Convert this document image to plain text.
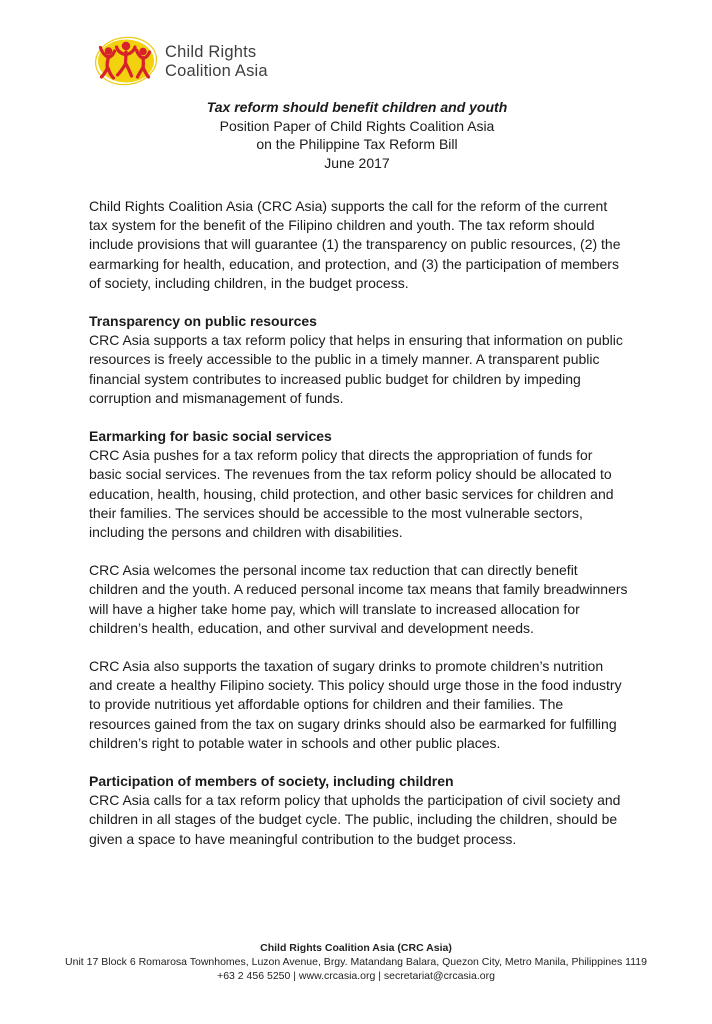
Child Rights
Coalition Asia
Tax reform should benefit children and youth
Position Paper of Child Rights Coalition Asia
on the Philippine Tax Reform Bill
June 2017

Child Rights Coalition Asia (CRC Asia) supports the call for the reform of the current tax system for the benefit of the Filipino children and youth. The tax reform should include provisions that will guarantee (1) the transparency on public resources, (2) the earmarking for health, education, and protection, and (3) the participation of members of society, including children, in the budget process.

Transparency on public resources

CRC Asia supports a tax reform policy that helps in ensuring that information on public resources is freely accessible to the public in a timely manner. A transparent public financial system contributes to increased public budget for children by impeding corruption and mismanagement of funds.

Earmarking for basic social services

CRC Asia pushes for a tax reform policy that directs the appropriation of funds for basic social services. The revenues from the tax reform policy should be allocated to education, health, housing, child protection, and other basic services for children and their families. The services should be accessible to the most vulnerable sectors, including the persons and children with disabilities.

CRC Asia welcomes the personal income tax reduction that can directly benefit children and the youth. A reduced personal income tax means that family breadwinners will have a higher take home pay, which will translate to increased allocation for children’s health, education, and other survival and development needs.

CRC Asia also supports the taxation of sugary drinks to promote children’s nutrition and create a healthy Filipino society. This policy should urge those in the food industry to provide nutritious yet affordable options for children and their families. The resources gained from the tax on sugary drinks should also be earmarked for fulfilling children’s right to potable water in schools and other public places.

Participation of members of society, including children

CRC Asia calls for a tax reform policy that upholds the participation of civil society and children in all stages of the budget cycle. The public, including the children, should be given a space to have meaningful contribution to the budget process.

Child Rights Coalition Asia (CRC Asia)
Unit 17 Block 6 Romarosa Townhomes, Luzon Avenue, Brgy. Matandang Balara, Quezon City, Metro Manila, Philippines 1119
+63 2 456 5250 | www.crcasia.org | secretariat@crcasia.org
